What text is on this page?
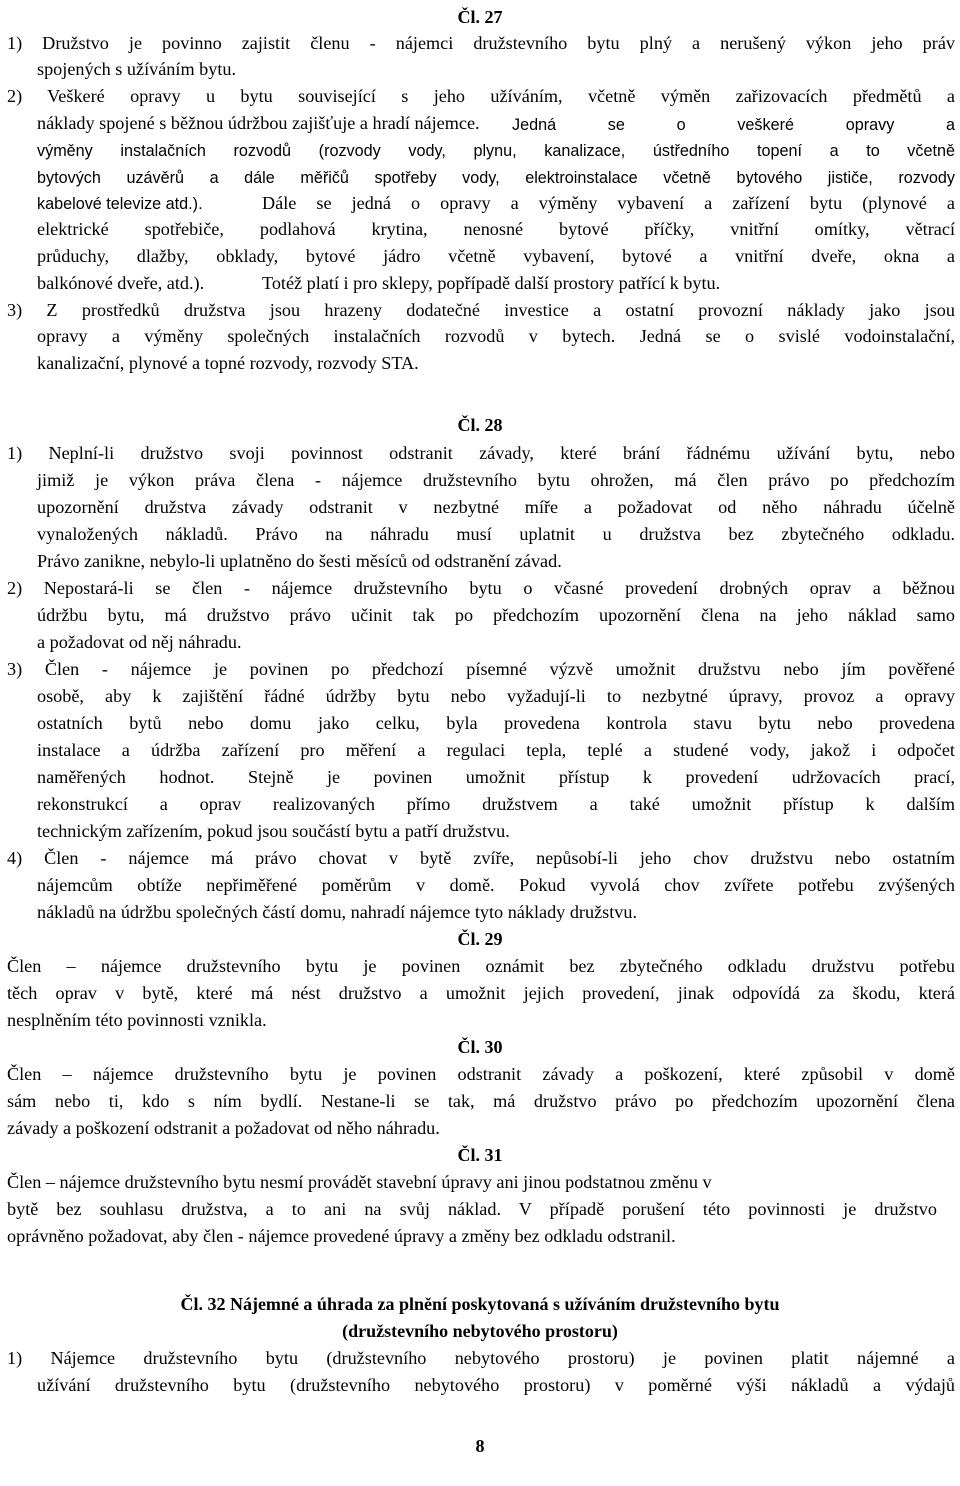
Čl. 27
1) Družstvo je povinno zajistit členu - nájemci družstevního bytu plný a nerušený výkon jeho práv
spojených s užíváním bytu.
2) Veškeré opravy u bytu související s jeho užíváním, včetně výměn zařizovacích předmětů a
náklady spojené s běžnou údržbou zajišťuje a hradí nájemce. Jedná se o veškeré opravy a
výměny instalačních rozvodů (rozvody vody, plynu, kanalizace, ústředního topení a to včetně
bytových uzávěrů a dále měřičů spotřeby vody, elektroinstalace včetně bytového jističe, rozvody
kabelové televize atd.).	Dále se jedná o opravy a výměny vybavení a zařízení bytu (plynové a
elektrické spotřebiče, podlahová krytina, nenosné bytové příčky, vnitřní omítky, větrací
průduchy, dlažby, obklady, bytové jádro včetně vybavení, bytové a vnitřní dveře, okna a
balkónové dveře, atd.).	Totéž platí i pro sklepy, popřípadě další prostory patřící k bytu.
3) Z prostředků družstva jsou hrazeny dodatečné investice a ostatní provozní náklady jako jsou
opravy a výměny společných instalačních rozvodů v bytech. Jedná se o svislé vodoinstalační,
kanalizační, plynové a topné rozvody, rozvody STA.
Čl. 28
1) Neplní-li družstvo svoji povinnost odstranit závady, které brání řádnému užívání bytu, nebo
jimiž je výkon práva člena - nájemce družstevního bytu ohrožen, má člen právo po předchozím
upozornění družstva závady odstranit v nezbytné míře a požadovat od něho náhradu účelně
vynaložených nákladů. Právo na náhradu musí uplatnit u družstva bez zbytečného odkladu.
Právo zanikne, nebylo-li uplatněno do šesti měsíců od odstranění závad.
2) Nepostará-li se člen - nájemce družstevního bytu o včasné provedení drobných oprav a běžnou
údržbu bytu, má družstvo právo učinit tak po předchozím upozornění člena na jeho náklad samo
a požadovat od něj náhradu.
3) Člen - nájemce je povinen po předchozí písemné výzvě umožnit družstvu nebo jím pověřené
osobě, aby k zajištění řádné údržby bytu nebo vyžadují-li to nezbytné úpravy, provoz a opravy
ostatních bytů nebo domu jako celku, byla provedena kontrola stavu bytu nebo provedena
instalace a údržba zařízení pro měření a regulaci tepla, teplé a studené vody, jakož i odpočet
naměřených hodnot. Stejně je povinen umožnit přístup k provedení udržovacích prací,
rekonstrukcí a oprav realizovaných přímo družstvem a také umožnit přístup k dalším
technickým zařízením, pokud jsou součástí bytu a patří družstvu.
4) Člen - nájemce má právo chovat v bytě zvíře, nepůsobí-li jeho chov družstvu nebo ostatním
nájemcům obtíže nepřiměřené poměrům v domě. Pokud vyvolá chov zvířete potřebu zvýšených
nákladů na údržbu společných částí domu, nahradí nájemce tyto náklady družstvu.
Čl. 29
Člen – nájemce družstevního bytu je povinen oznámit bez zbytečného odkladu družstvu potřebu
těch oprav v bytě, které má nést družstvo a umožnit jejich provedení, jinak odpovídá za škodu, která
nesplněním této povinnosti vznikla.
Čl. 30
Člen – nájemce družstevního bytu je povinen odstranit závady a poškození, které způsobil v domě
sám nebo ti, kdo s ním bydlí. Nestane-li se tak, má družstvo právo po předchozím upozornění člena
závady a poškození odstranit a požadovat od něho náhradu.
Čl. 31
Člen – nájemce družstevního bytu nesmí provádět stavební úpravy ani jinou podstatnou změnu v
bytě bez souhlasu družstva, a to ani na svůj náklad. V případě porušení této povinnosti je družstvo
oprávněno požadovat, aby člen - nájemce provedené úpravy a změny bez odkladu odstranil.
Čl. 32 Nájemné a úhrada za plnění poskytovaná s užíváním družstevního bytu
(družstevního nebytového prostoru)
1) Nájemce družstevního bytu (družstevního nebytového prostoru) je povinen platit nájemné a
užívání družstevního bytu (družstevního nebytového prostoru) v poměrné výši nákladů a výdajů
8
